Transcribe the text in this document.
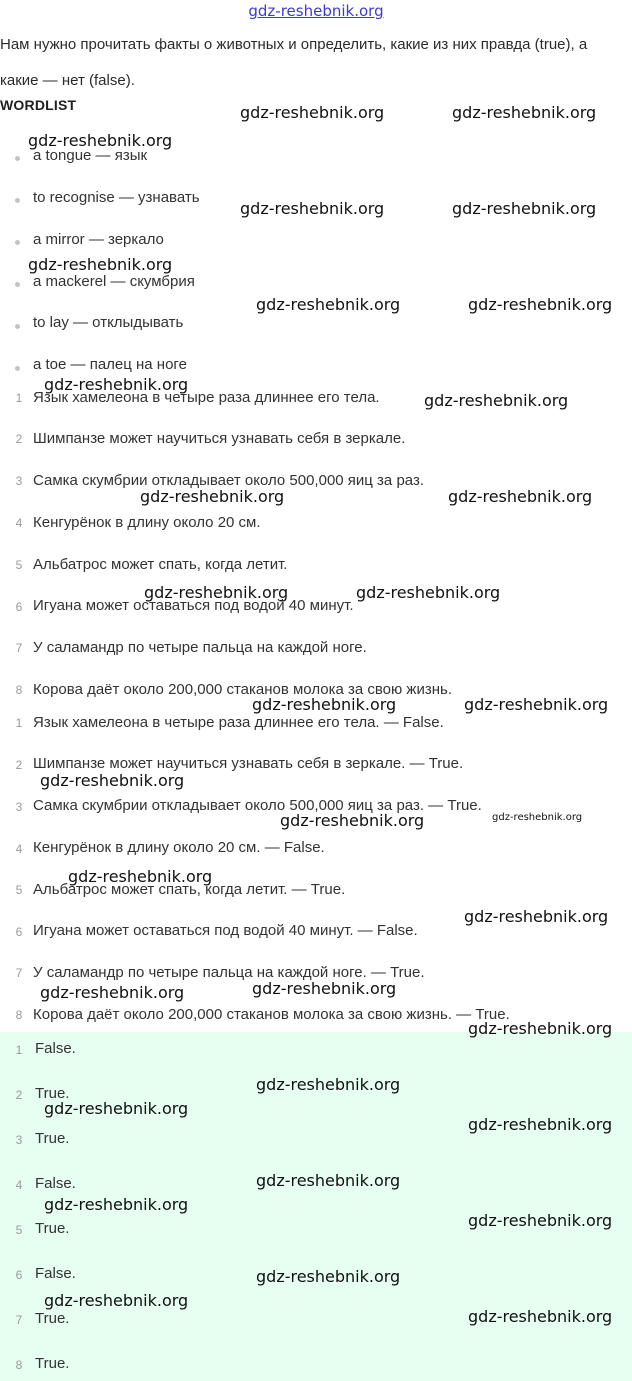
gdz-reshebnik.org
Нам нужно прочитать факты о животных и определить, какие из них правда (true), а какие — нет (false).
WORDLIST
a tongue — язык
to recognise — узнавать
a mirror — зеркало
a mackerel — скумбрия
to lay — отклыдывать
a toe — палец на ноге
1 Язык хамелеона в четыре раза длиннее его тела.
2 Шимпанзе может научиться узнавать себя в зеркале.
3 Самка скумбрии откладывает около 500,000 яиц за раз.
4 Кенгурёнок в длину около 20 см.
5 Альбатрос может спать, когда летит.
6 Игуана может оставаться под водой 40 минут.
7 У саламандр по четыре пальца на каждой ноге.
8 Корова даёт около 200,000 стаканов молока за свою жизнь.
1 Язык хамелеона в четыре раза длиннее его тела. — False.
2 Шимпанзе может научиться узнавать себя в зеркале. — True.
3 Самка скумбрии откладывает около 500,000 яиц за раз. — True.
4 Кенгурёнок в длину около 20 см. — False.
5 Альбатрос может спать, когда летит. — True.
6 Игуана может оставаться под водой 40 минут. — False.
7 У саламандр по четыре пальца на каждой ноге. — True.
8 Корова даёт около 200,000 стаканов молока за свою жизнь. — True.
1 False.
2 True.
3 True.
4 False.
5 True.
6 False.
7 True.
8 True.
gdz-reshebnik.org	gdz-reshebnik.org
gdz-reshebnik.org
gdz-reshebnik.org	gdz-reshebnik.org
gdz-reshebnik.org
gdz-reshebnik.org	gdz-reshebnik.org
gdz-reshebnik.org
gdz-reshebnik.org
gdz-reshebnik.org	gdz-reshebnik.org
gdz-reshebnik.org	gdz-reshebnik.org
gdz-reshebnik.org	gdz-reshebnik.org
gdz-reshebnik.org
gdz-reshebnik.org	gdz-reshebnik.org
gdz-reshebnik.org
gdz-reshebnik.org
gdz-reshebnik.org
gdz-reshebnik.org
gdz-reshebnik.org
gdz-reshebnik.org
gdz-reshebnik.org
gdz-reshebnik.org
gdz-reshebnik.org
gdz-reshebnik.org
gdz-reshebnik.org
gdz-reshebnik.org
gdz-reshebnik.org
gdz-reshebnik.org
